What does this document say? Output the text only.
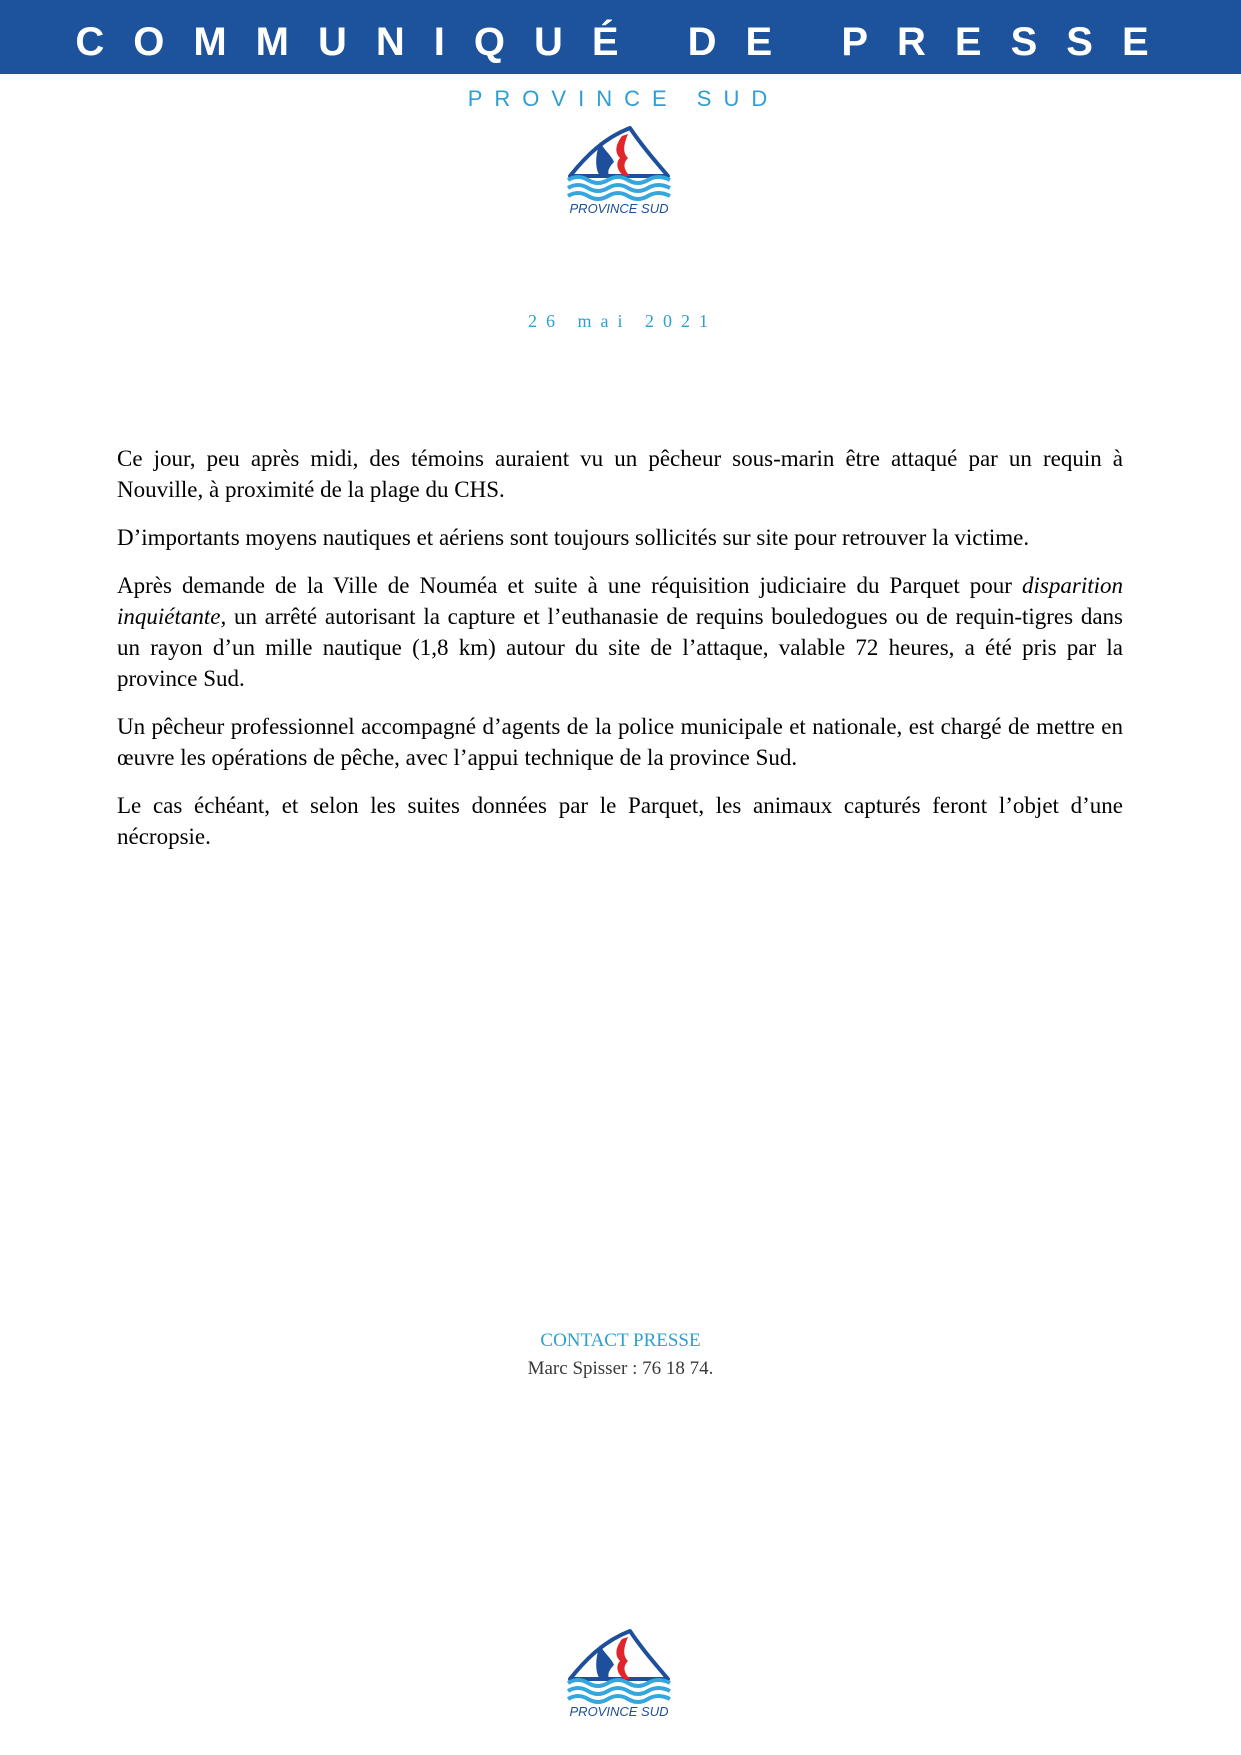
COMMUNIQUÉ DE PRESSE
PROVINCE SUD
PROVINCE SUD
26 mai 2021

Ce jour, peu après midi, des témoins auraient vu un pêcheur sous-marin être attaqué par un requin à Nouville, à proximité de la plage du CHS.

D’importants moyens nautiques et aériens sont toujours sollicités sur site pour retrouver la victime.

Après demande de la Ville de Nouméa et suite à une réquisition judiciaire du Parquet pour disparition inquiétante, un arrêté autorisant la capture et l’euthanasie de requins bouledogues ou de requin-tigres dans un rayon d’un mille nautique (1,8 km) autour du site de l’attaque, valable 72 heures, a été pris par la province Sud.

Un pêcheur professionnel accompagné d’agents de la police municipale et nationale, est chargé de mettre en œuvre les opérations de pêche, avec l’appui technique de la province Sud.

Le cas échéant, et selon les suites données par le Parquet, les animaux capturés feront l’objet d’une nécropsie.

CONTACT PRESSE
Marc Spisser : 76 18 74.
PROVINCE SUD
